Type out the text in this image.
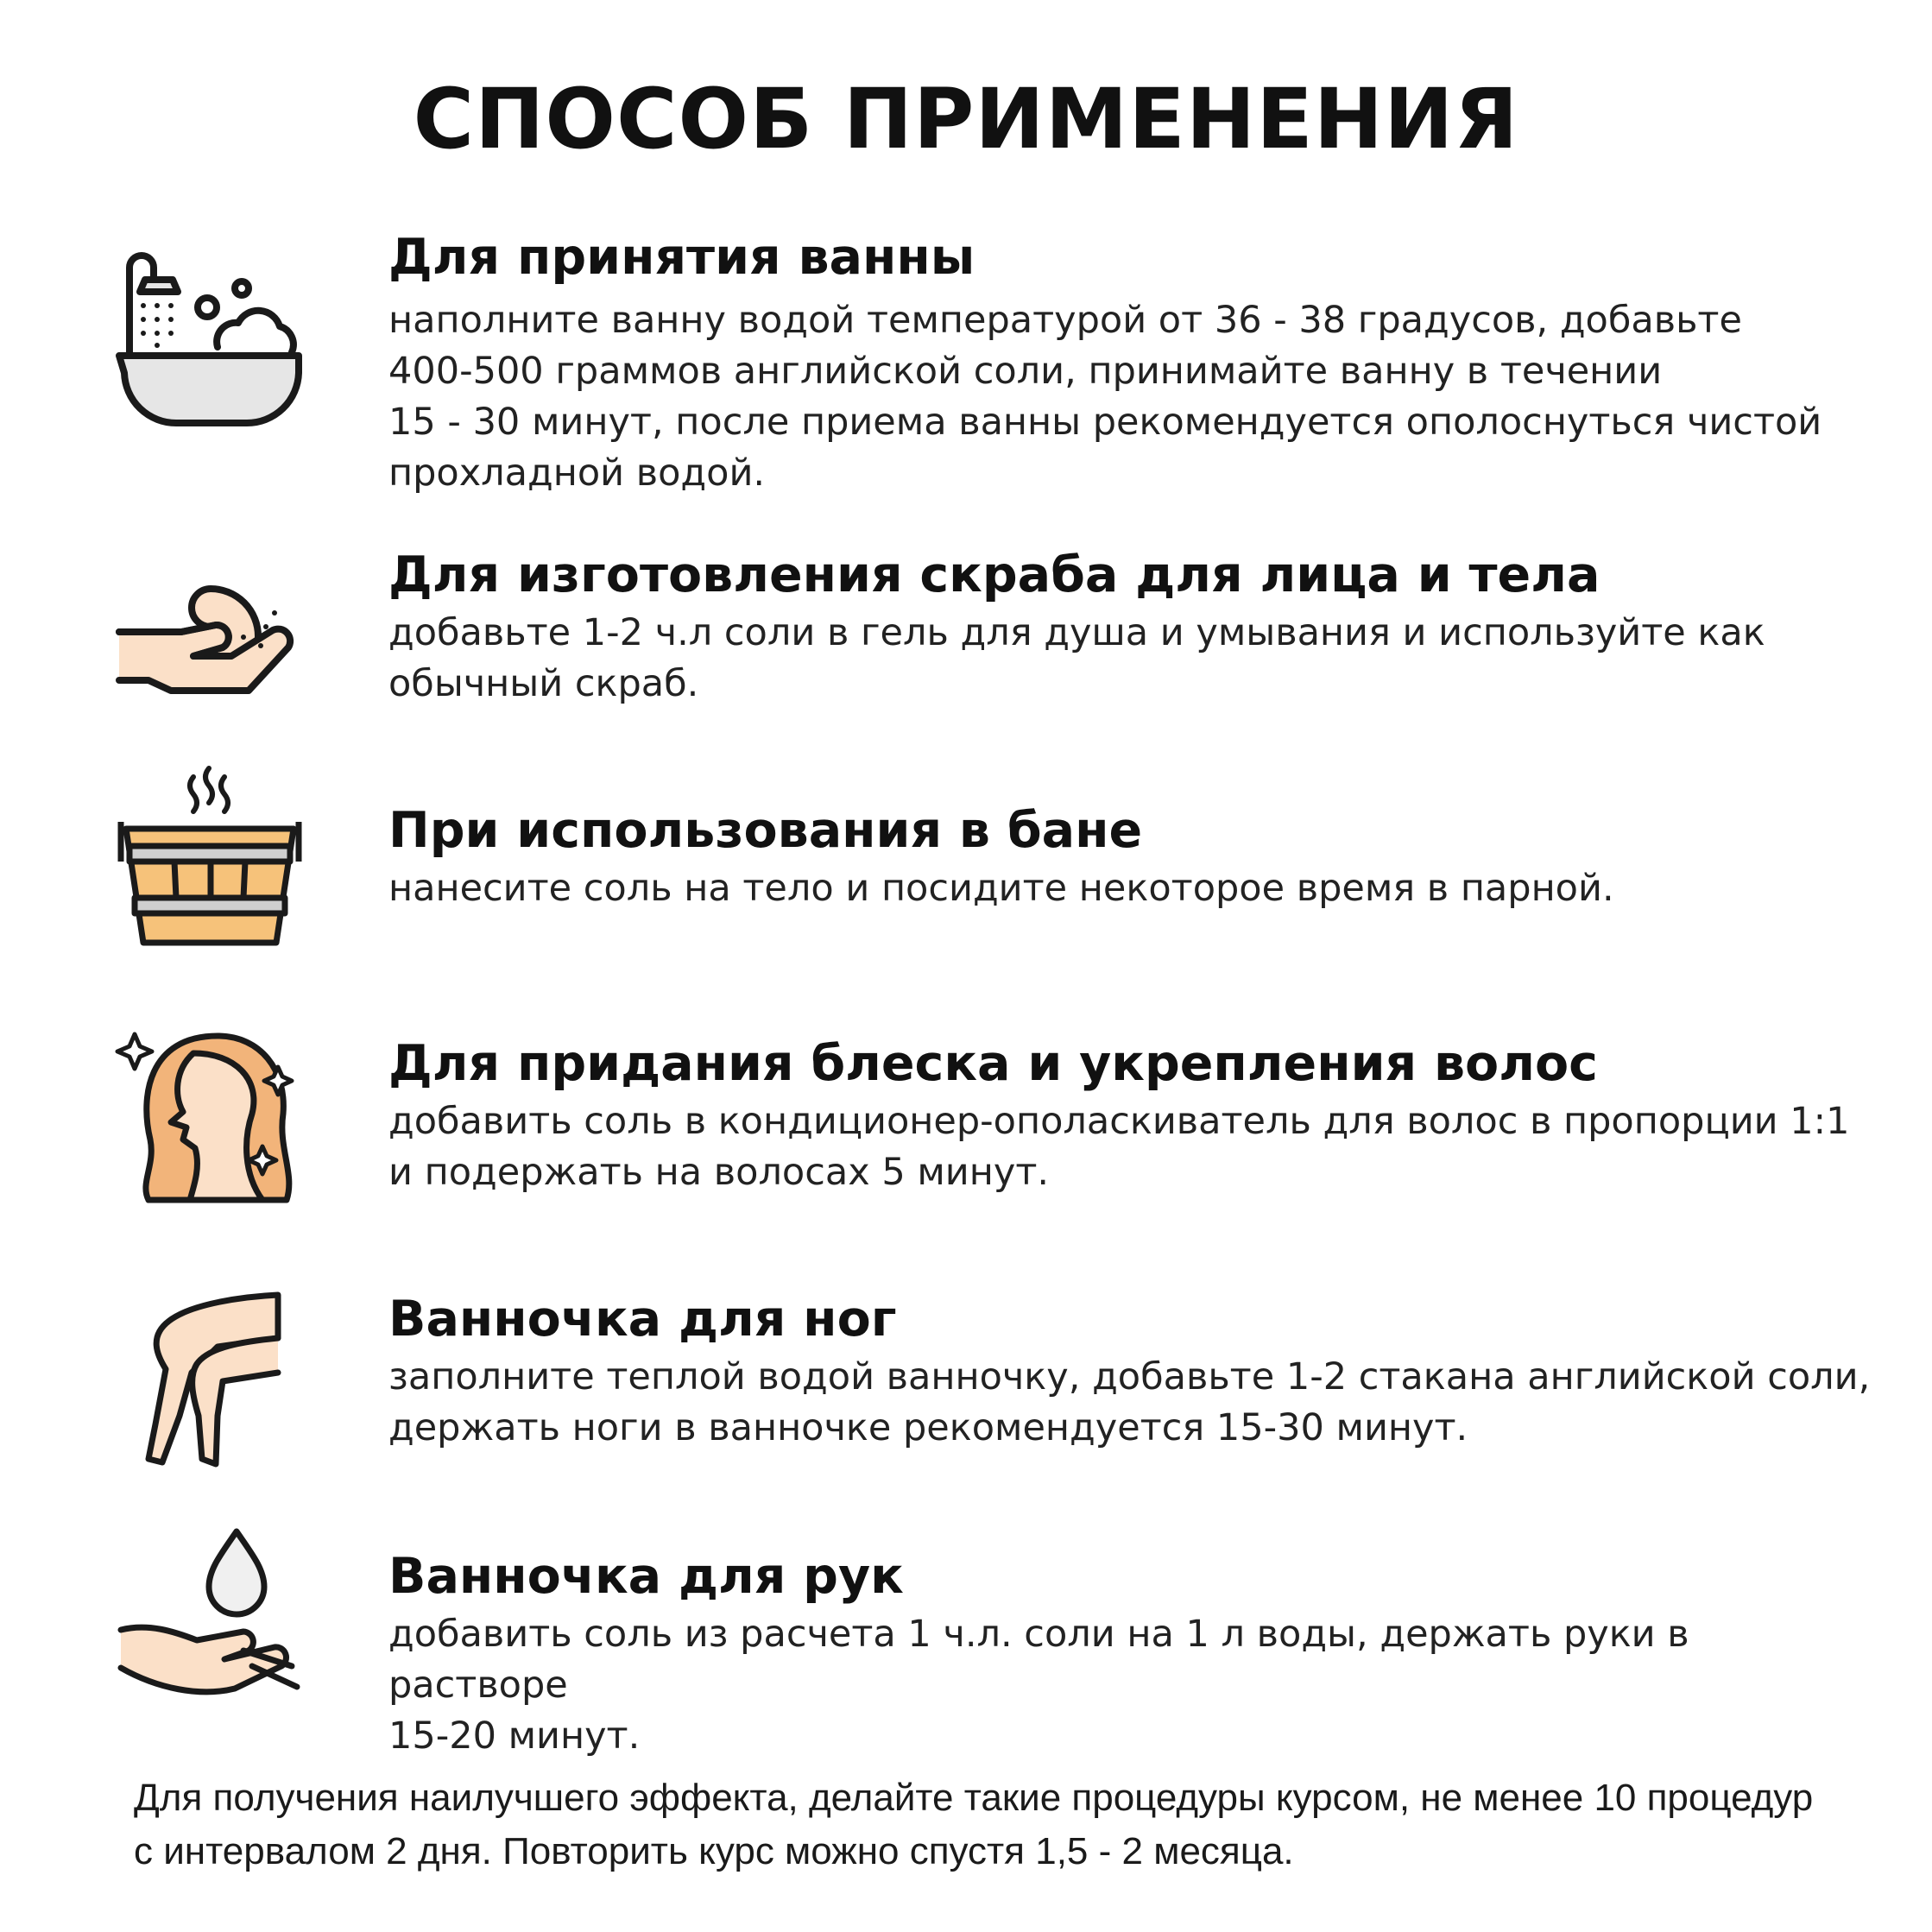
СПОСОБ ПРИМЕНЕНИЯ

Для принятия ванны

наполните ванну водой температурой от 36 - 38 градусов, добавьте
400-500 граммов английской соли, принимайте ванну в течении
15 - 30 минут, после приема ванны рекомендуется ополоснуться чистой
прохладной водой.

Для изготовления скраба для лица и тела

добавьте 1-2 ч.л соли в гель для душа и умывания и используйте как
обычный скраб.

При использования в бане

нанесите соль на тело и посидите некоторое время в парной.

Для придания блеска и укрепления волос

добавить соль в кондиционер-ополаскиватель для волос в пропорции 1:1
и подержать на волосах 5 минут.

Ванночка для ног

заполните теплой водой ванночку, добавьте 1-2 стакана английской соли,
держать ноги в ванночке рекомендуется 15-30 минут.

Ванночка для рук

добавить соль из расчета 1 ч.л. соли на 1 л воды, держать руки в растворе
15-20 минут.

Для получения наилучшего эффекта, делайте такие процедуры курсом, не менее 10 процедур
с интервалом 2 дня. Повторить курс можно спустя 1,5 - 2 месяца.
